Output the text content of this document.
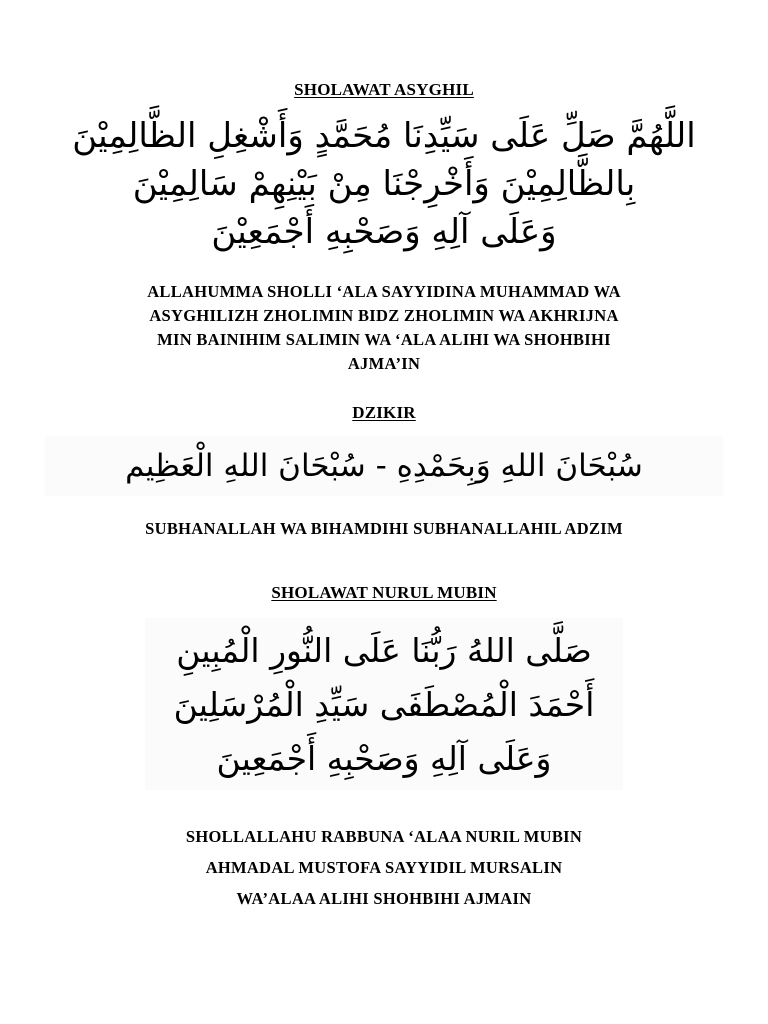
SHOLAWAT ASYGHIL
اللَّهُمَّ صَلِّ عَلَى سَيِّدِنَا مُحَمَّدٍ وَأَشْغِلِ الظَّالِمِيْنَ
بِالظَّالِمِيْنَ وَأَخْرِجْنَا مِنْ بَيْنِهِمْ سَالِمِيْنَ
وَعَلَى آلِهِ وَصَحْبِهِ أَجْمَعِيْنَ
ALLAHUMMA SHOLLI ‘ALA SAYYIDINA MUHAMMAD WA
ASYGHILIZH ZHOLIMIN BIDZ ZHOLIMIN WA AKHRIJNA
MIN BAINIHIM SALIMIN WA ‘ALA ALIHI WA SHOHBIHI
AJMA’IN
DZIKIR
سُبْحَانَ اللهِ وَبِحَمْدِهِ - سُبْحَانَ اللهِ الْعَظِيم
SUBHANALLAH WA BIHAMDIHI SUBHANALLAHIL ADZIM
SHOLAWAT NURUL MUBIN
صَلَّى اللهُ رَبُّنَا عَلَى النُّورِ الْمُبِينِ
أَحْمَدَ الْمُصْطَفَى سَيِّدِ الْمُرْسَلِينَ
وَعَلَى آلِهِ وَصَحْبِهِ أَجْمَعِينَ
SHOLLALLAHU RABBUNA ‘ALAA NURIL MUBIN
AHMADAL MUSTOFA SAYYIDIL MURSALIN
WA’ALAA ALIHI SHOHBIHI AJMAIN
